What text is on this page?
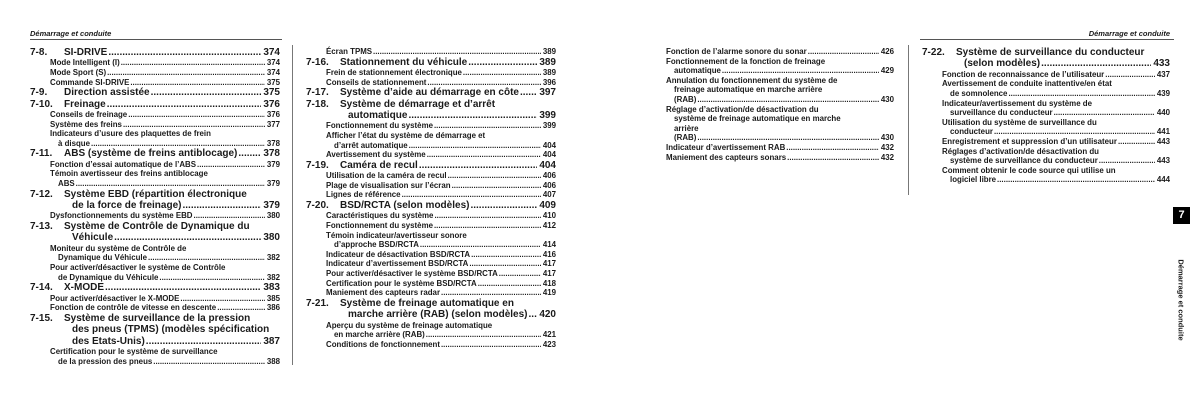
Démarrage et conduite	Démarrage et conduite
7-8.	SI-DRIVE .....	374
Mode Intelligent (I) .....	374
Mode Sport (S) .....	374
Commande SI-DRIVE .....	375
7-9.	Direction assistée .....	375
7-10.	Freinage .....	376
Conseils de freinage .....	376
Système des freins .....	377
Indicateurs d’usure des plaquettes de frein
à disque .....	378
7-11.	ABS (système de freins antiblocage) .....	378
Fonction d’essai automatique de l’ABS .....	379
Témoin avertisseur des freins antiblocage
ABS .....	379
7-12. Système EBD (répartition électronique
de la force de freinage) .....	379
Dysfonctionnements du système EBD .....	380
7-13. Système de Contrôle de Dynamique du
Véhicule .....	380
Moniteur du système de Contrôle de
Dynamique du Véhicule .....	382
Pour activer/désactiver le système de Contrôle
de Dynamique du Véhicule .....	382
7-14.	X-MODE .....	383
Pour activer/désactiver le X-MODE .....	385
Fonction de contrôle de vitesse en descente .....	386
7-15. Système de surveillance de la pression
des pneus (TPMS) (modèles spécification
des Etats-Unis) .....	387
Certification pour le système de surveillance
de la pression des pneus .....	388
Écran TPMS .....	389
7-16.	Stationnement du véhicule .....	389
Frein de stationnement électronique .....	389
Conseils de stationnement .....	396
7-17.	Système d’aide au démarrage en côte ..... 397
7-18. Système de démarrage et d’arrêt
automatique .....	399
Fonctionnement du système .....	399
Afficher l’état du système de démarrage et
d’arrêt automatique .....	404
Avertissement du système .....	404
7-19.	Caméra de recul .....	404
Utilisation de la caméra de recul .....	406
Plage de visualisation sur l’écran .....	406
Lignes de référence .....	407
7-20.	BSD/RCTA (selon modèles) .....	409
Caractéristiques du système .....	410
Fonctionnement du système .....	412
Témoin indicateur/avertisseur sonore
d’approche BSD/RCTA .....	414
Indicateur de désactivation BSD/RCTA .....	416
Indicateur d’avertissement BSD/RCTA .....	417
Pour activer/désactiver le système BSD/RCTA .....	417
Certification pour le système BSD/RCTA .....	418
Maniement des capteurs radar .....	419
7-21. Système de freinage automatique en
marche arrière (RAB) (selon modèles) ..... 420
Aperçu du système de freinage automatique
en marche arrière (RAB) .....	421
Conditions de fonctionnement .....	423
Fonction de l’alarme sonore du sonar .....	426
Fonctionnement de la fonction de freinage
automatique .....	429
Annulation du fonctionnement du système de
freinage automatique en marche arrière
(RAB) .....	430
Réglage d’activation/de désactivation du
système de freinage automatique en marche
arrière
(RAB) .....	430
Indicateur d’avertissement RAB .....	432
Maniement des capteurs sonars .....	432
7-22. Système de surveillance du conducteur
(selon modèles) .....	433
Fonction de reconnaissance de l’utilisateur .....	437
Avertissement de conduite inattentive/en état
de somnolence .....	439
Indicateur/avertissement du système de
surveillance du conducteur .....	440
Utilisation du système de surveillance du
conducteur .....	441
Enregistrement et suppression d’un utilisateur .....	443
Réglages d’activation/de désactivation du
système de surveillance du conducteur .....	443
Comment obtenir le code source qui utilise un
logiciel libre .....	444
7
Démarrage et conduite
